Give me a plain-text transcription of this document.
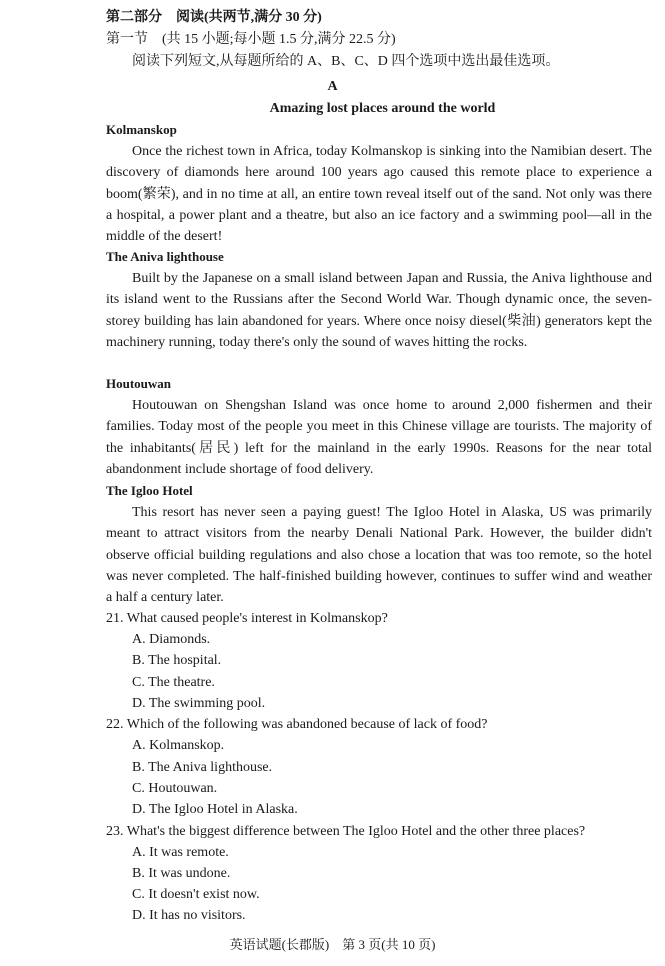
第二部分　阅读(共两节,满分 30 分)
第一节　(共 15 小题;每小题 1.5 分,满分 22.5 分)
阅读下列短文,从每题所给的 A、B、C、D 四个选项中选出最佳选项。
A
Amazing lost places around the world
Kolmanskop

Once the richest town in Africa, today Kolmanskop is sinking into the Namibian desert. The discovery of diamonds here around 100 years ago caused this remote place to experience a boom(繁荣), and in no time at all, an entire town reveal itself out of the sand. Not only was there a hospital, a power plant and a theatre, but also an ice factory and a swimming pool—all in the middle of the desert!

The Aniva lighthouse

Built by the Japanese on a small island between Japan and Russia, the Aniva lighthouse and its island went to the Russians after the Second World War. Though dynamic once, the seven-storey building has lain abandoned for years. Where once noisy diesel(柴油) generators kept the machinery running, today there's only the sound of waves hitting the rocks.

Houtouwan

Houtouwan on Shengshan Island was once home to around 2,000 fishermen and their families. Today most of the people you meet in this Chinese village are tourists. The majority of the inhabitants(居民) left for the mainland in the early 1990s. Reasons for the near total abandonment include shortage of food delivery.

The Igloo Hotel

This resort has never seen a paying guest! The Igloo Hotel in Alaska, US was primarily meant to attract visitors from the nearby Denali National Park. However, the builder didn't observe official building regulations and also chose a location that was too remote, so the hotel was never completed. The half-finished building however, continues to suffer wind and weather a half a century later.

21. What caused people's interest in Kolmanskop?
A. Diamonds.
B. The hospital.
C. The theatre.
D. The swimming pool.
22. Which of the following was abandoned because of lack of food?
A. Kolmanskop.
B. The Aniva lighthouse.
C. Houtouwan.
D. The Igloo Hotel in Alaska.
23. What's the biggest difference between The Igloo Hotel and the other three places?
A. It was remote.
B. It was undone.
C. It doesn't exist now.
D. It has no visitors.
英语试题(长郡版)　第 3 页(共 10 页)
